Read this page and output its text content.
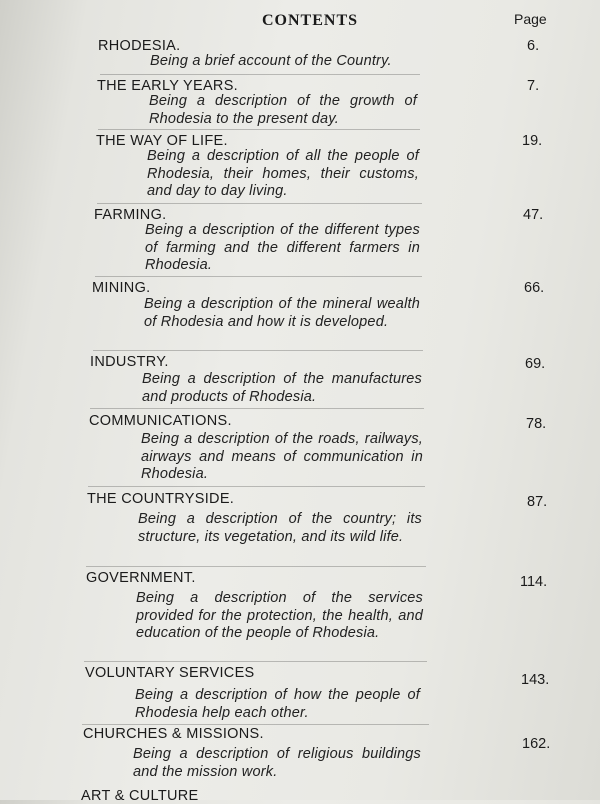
CONTENTS	Page
RHODESIA.
Being a brief account of the Country.
6.
THE EARLY YEARS.
Being a description of the growth of Rhodesia to the present day.
7.
THE WAY OF LIFE.
Being a description of all the people of Rhodesia, their homes, their customs, and day to day living.
19.
FARMING.
Being a description of the different types of farming and the different farmers in Rhodesia.
47.
MINING.
Being a description of the mineral wealth of Rhodesia and how it is developed.
66.
INDUSTRY.
Being a description of the manufactures and products of Rhodesia.
69.
COMMUNICATIONS.
Being a description of the roads, railways, airways and means of communication in Rhodesia.
78.
THE COUNTRYSIDE.
Being a description of the country; its structure, its vegetation, and its wild life.
87.
GOVERNMENT.
Being a description of the services provided for the protection, the health, and education of the people of Rhodesia.
114.
VOLUNTARY SERVICES
Being a description of how the people of Rhodesia help each other.
143.
CHURCHES & MISSIONS.
Being a description of religious buildings and the mission work.
162.
ART & CULTURE
